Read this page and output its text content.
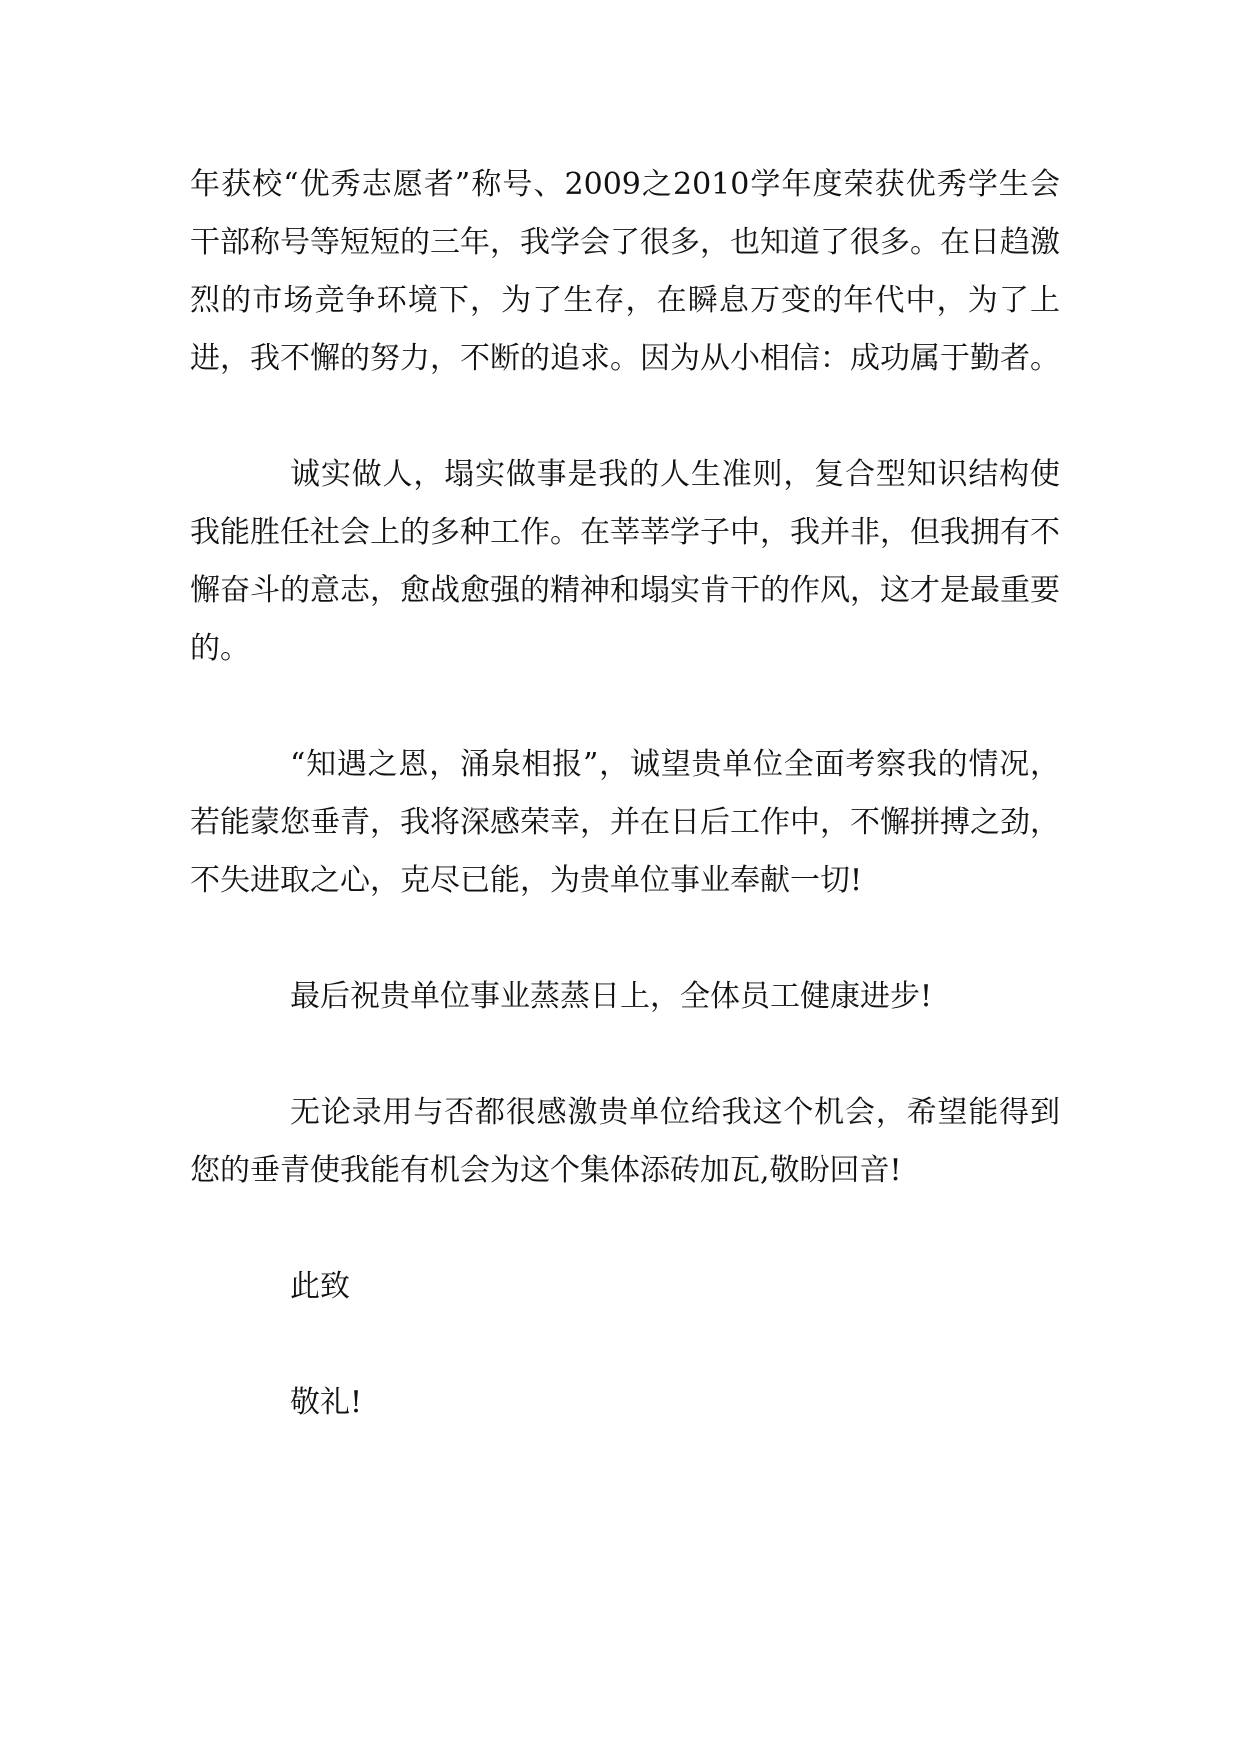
年获校“优秀志愿者”称号、2009之2010学年度荣获优秀学生会干部称号等短短的三年，我学会了很多，也知道了很多。在日趋激烈的市场竞争环境下，为了生存，在瞬息万变的年代中，为了上进，我不懈的努力，不断的追求。因为从小相信：成功属于勤者。

诚实做人，塌实做事是我的人生准则，复合型知识结构使我能胜任社会上的多种工作。在莘莘学子中，我并非，但我拥有不懈奋斗的意志，愈战愈强的精神和塌实肯干的作风，这才是最重要的。

“知遇之恩，涌泉相报”，诚望贵单位全面考察我的情况，若能蒙您垂青，我将深感荣幸，并在日后工作中，不懈拼搏之劲，不失进取之心，克尽已能，为贵单位事业奉献一切!

最后祝贵单位事业蒸蒸日上，全体员工健康进步!

无论录用与否都很感激贵单位给我这个机会，希望能得到您的垂青使我能有机会为这个集体添砖加瓦,敬盼回音!

此致

敬礼!
